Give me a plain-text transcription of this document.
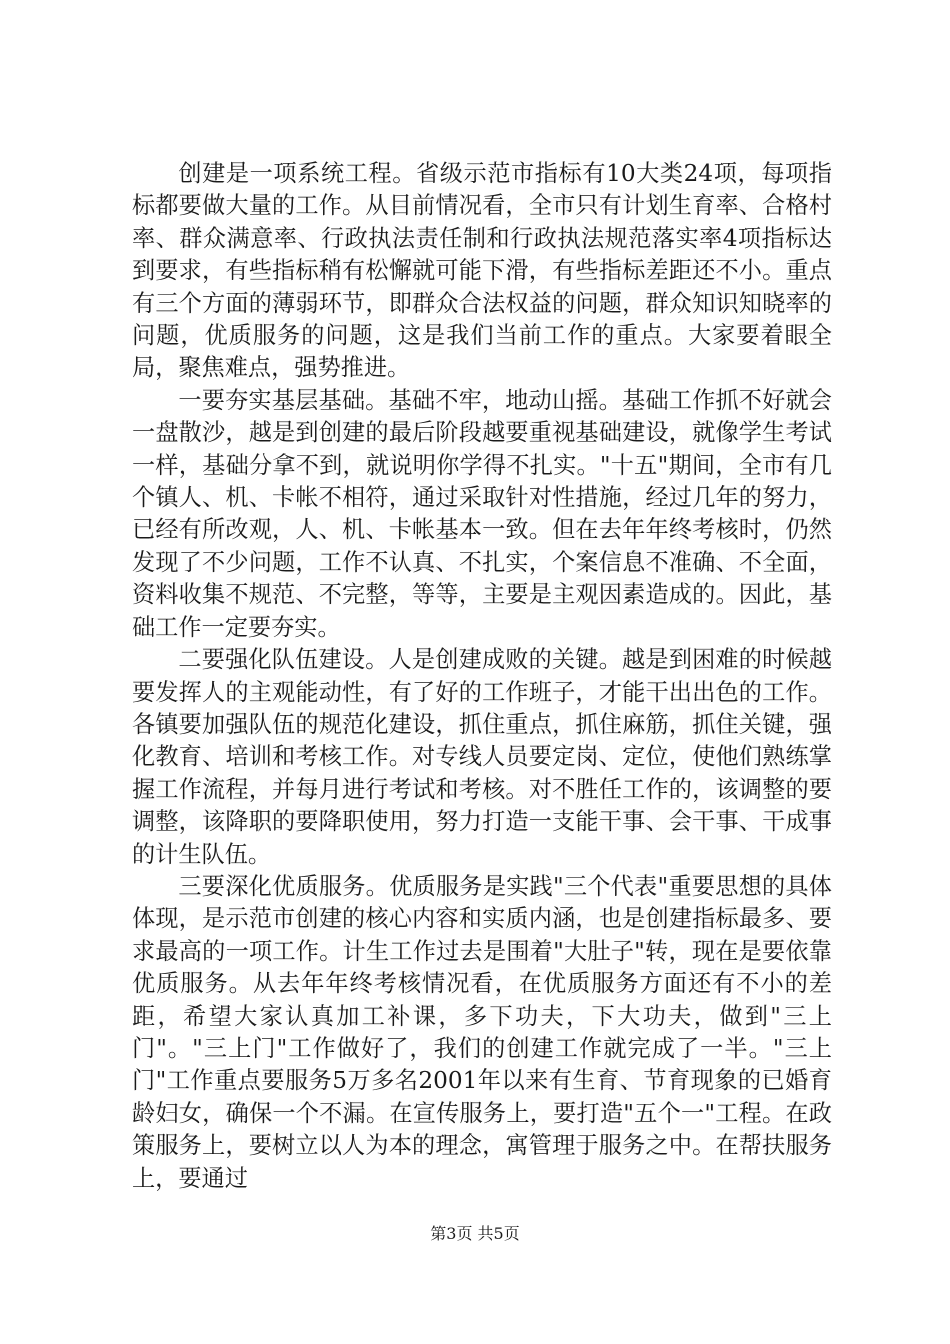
创建是一项系统工程。省级示范市指标有10大类24项，每项指标都要做大量的工作。从目前情况看，全市只有计划生育率、合格村率、群众满意率、行政执法责任制和行政执法规范落实率4项指标达到要求，有些指标稍有松懈就可能下滑，有些指标差距还不小。重点有三个方面的薄弱环节，即群众合法权益的问题，群众知识知晓率的问题，优质服务的问题，这是我们当前工作的重点。大家要着眼全局，聚焦难点，强势推进。

一要夯实基层基础。基础不牢，地动山摇。基础工作抓不好就会一盘散沙，越是到创建的最后阶段越要重视基础建设，就像学生考试一样，基础分拿不到，就说明你学得不扎实。"十五"期间，全市有几个镇人、机、卡帐不相符，通过采取针对性措施，经过几年的努力，已经有所改观，人、机、卡帐基本一致。但在去年年终考核时，仍然发现了不少问题，工作不认真、不扎实，个案信息不准确、不全面，资料收集不规范、不完整，等等，主要是主观因素造成的。因此，基础工作一定要夯实。

二要强化队伍建设。人是创建成败的关键。越是到困难的时候越要发挥人的主观能动性，有了好的工作班子，才能干出出色的工作。各镇要加强队伍的规范化建设，抓住重点，抓住麻筋，抓住关键，强化教育、培训和考核工作。对专线人员要定岗、定位，使他们熟练掌握工作流程，并每月进行考试和考核。对不胜任工作的，该调整的要调整，该降职的要降职使用，努力打造一支能干事、会干事、干成事的计生队伍。

三要深化优质服务。优质服务是实践"三个代表"重要思想的具体体现，是示范市创建的核心内容和实质内涵，也是创建指标最多、要求最高的一项工作。计生工作过去是围着"大肚子"转，现在是要依靠优质服务。从去年年终考核情况看，在优质服务方面还有不小的差距，希望大家认真加工补课，多下功夫，下大功夫，做到"三上门"。"三上门"工作做好了，我们的创建工作就完成了一半。"三上门"工作重点要服务5万多名2001年以来有生育、节育现象的已婚育龄妇女，确保一个不漏。在宣传服务上，要打造"五个一"工程。在政策服务上，要树立以人为本的理念，寓管理于服务之中。在帮扶服务上，要通过

第3页 共5页
